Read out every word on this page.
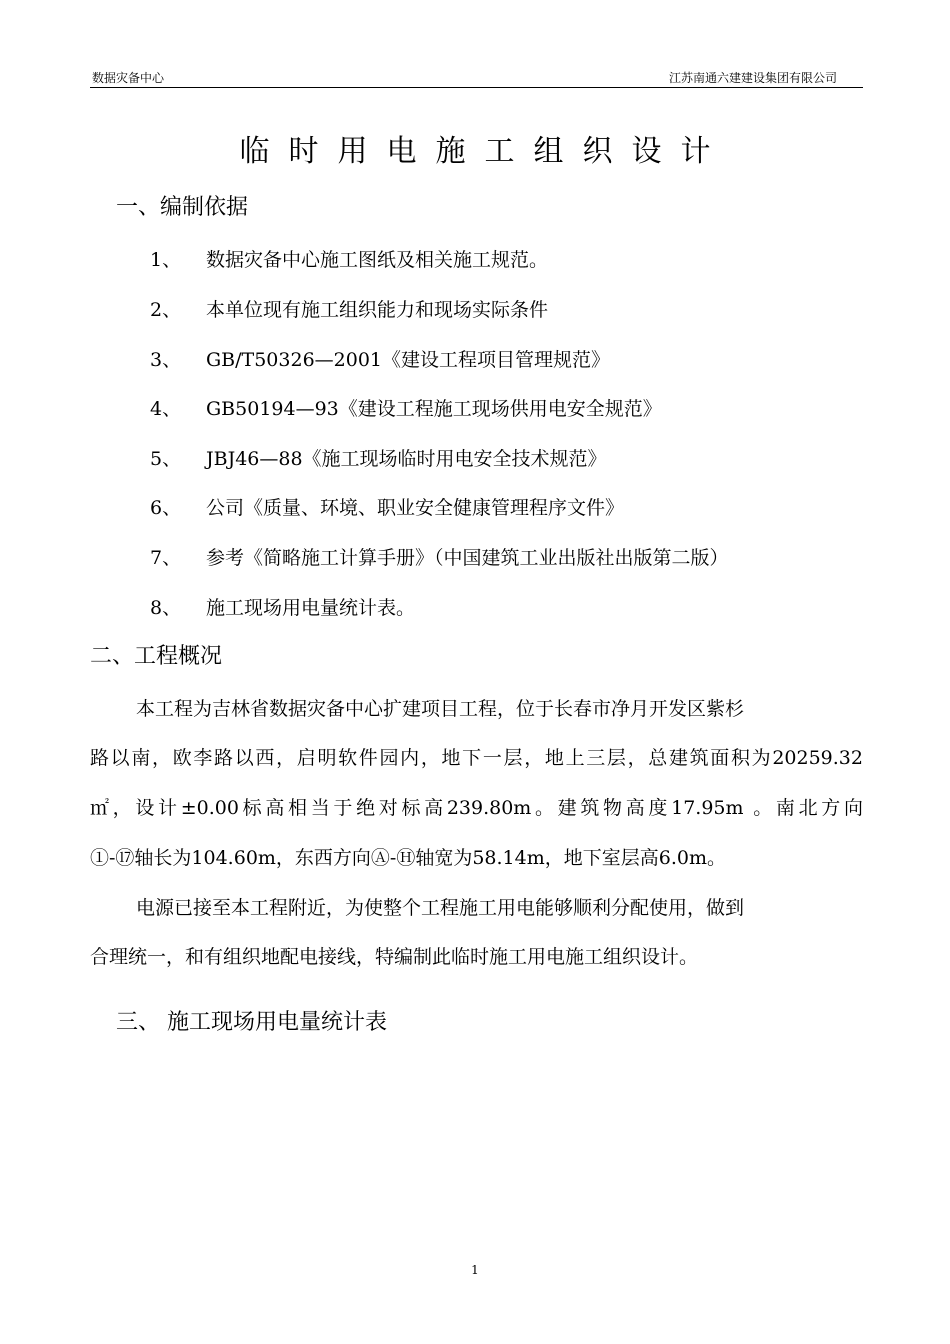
数据灾备中心	江苏南通六建建设集团有限公司
临时用电施工组织设计
一、编制依据
1、 数据灾备中心施工图纸及相关施工规范。
2、 本单位现有施工组织能力和现场实际条件
3、 GB/T50326—2001《建设工程项目管理规范》
4、 GB50194—93《建设工程施工现场供用电安全规范》
5、 JBJ46—88《施工现场临时用电安全技术规范》
6、 公司《质量、环境、职业安全健康管理程序文件》
7、 参考《简略施工计算手册》（中国建筑工业出版社出版第二版）
8、 施工现场用电量统计表。
二、工程概况
本工程为吉林省数据灾备中心扩建项目工程，位于长春市净月开发区紫杉
路以南，欧李路以西，启明软件园内，地下一层，地上三层，总建筑面积为20259.32
㎡，设计±0.00标高相当于绝对标高239.80m。建筑物高度17.95m 。南北方向
①-⑰轴长为104.60m，东西方向Ⓐ-Ⓗ轴宽为58.14m，地下室层高6.0m。
电源已接至本工程附近，为使整个工程施工用电能够顺利分配使用，做到
合理统一，和有组织地配电接线，特编制此临时施工用电施工组织设计。
三、 施工现场用电量统计表
1
